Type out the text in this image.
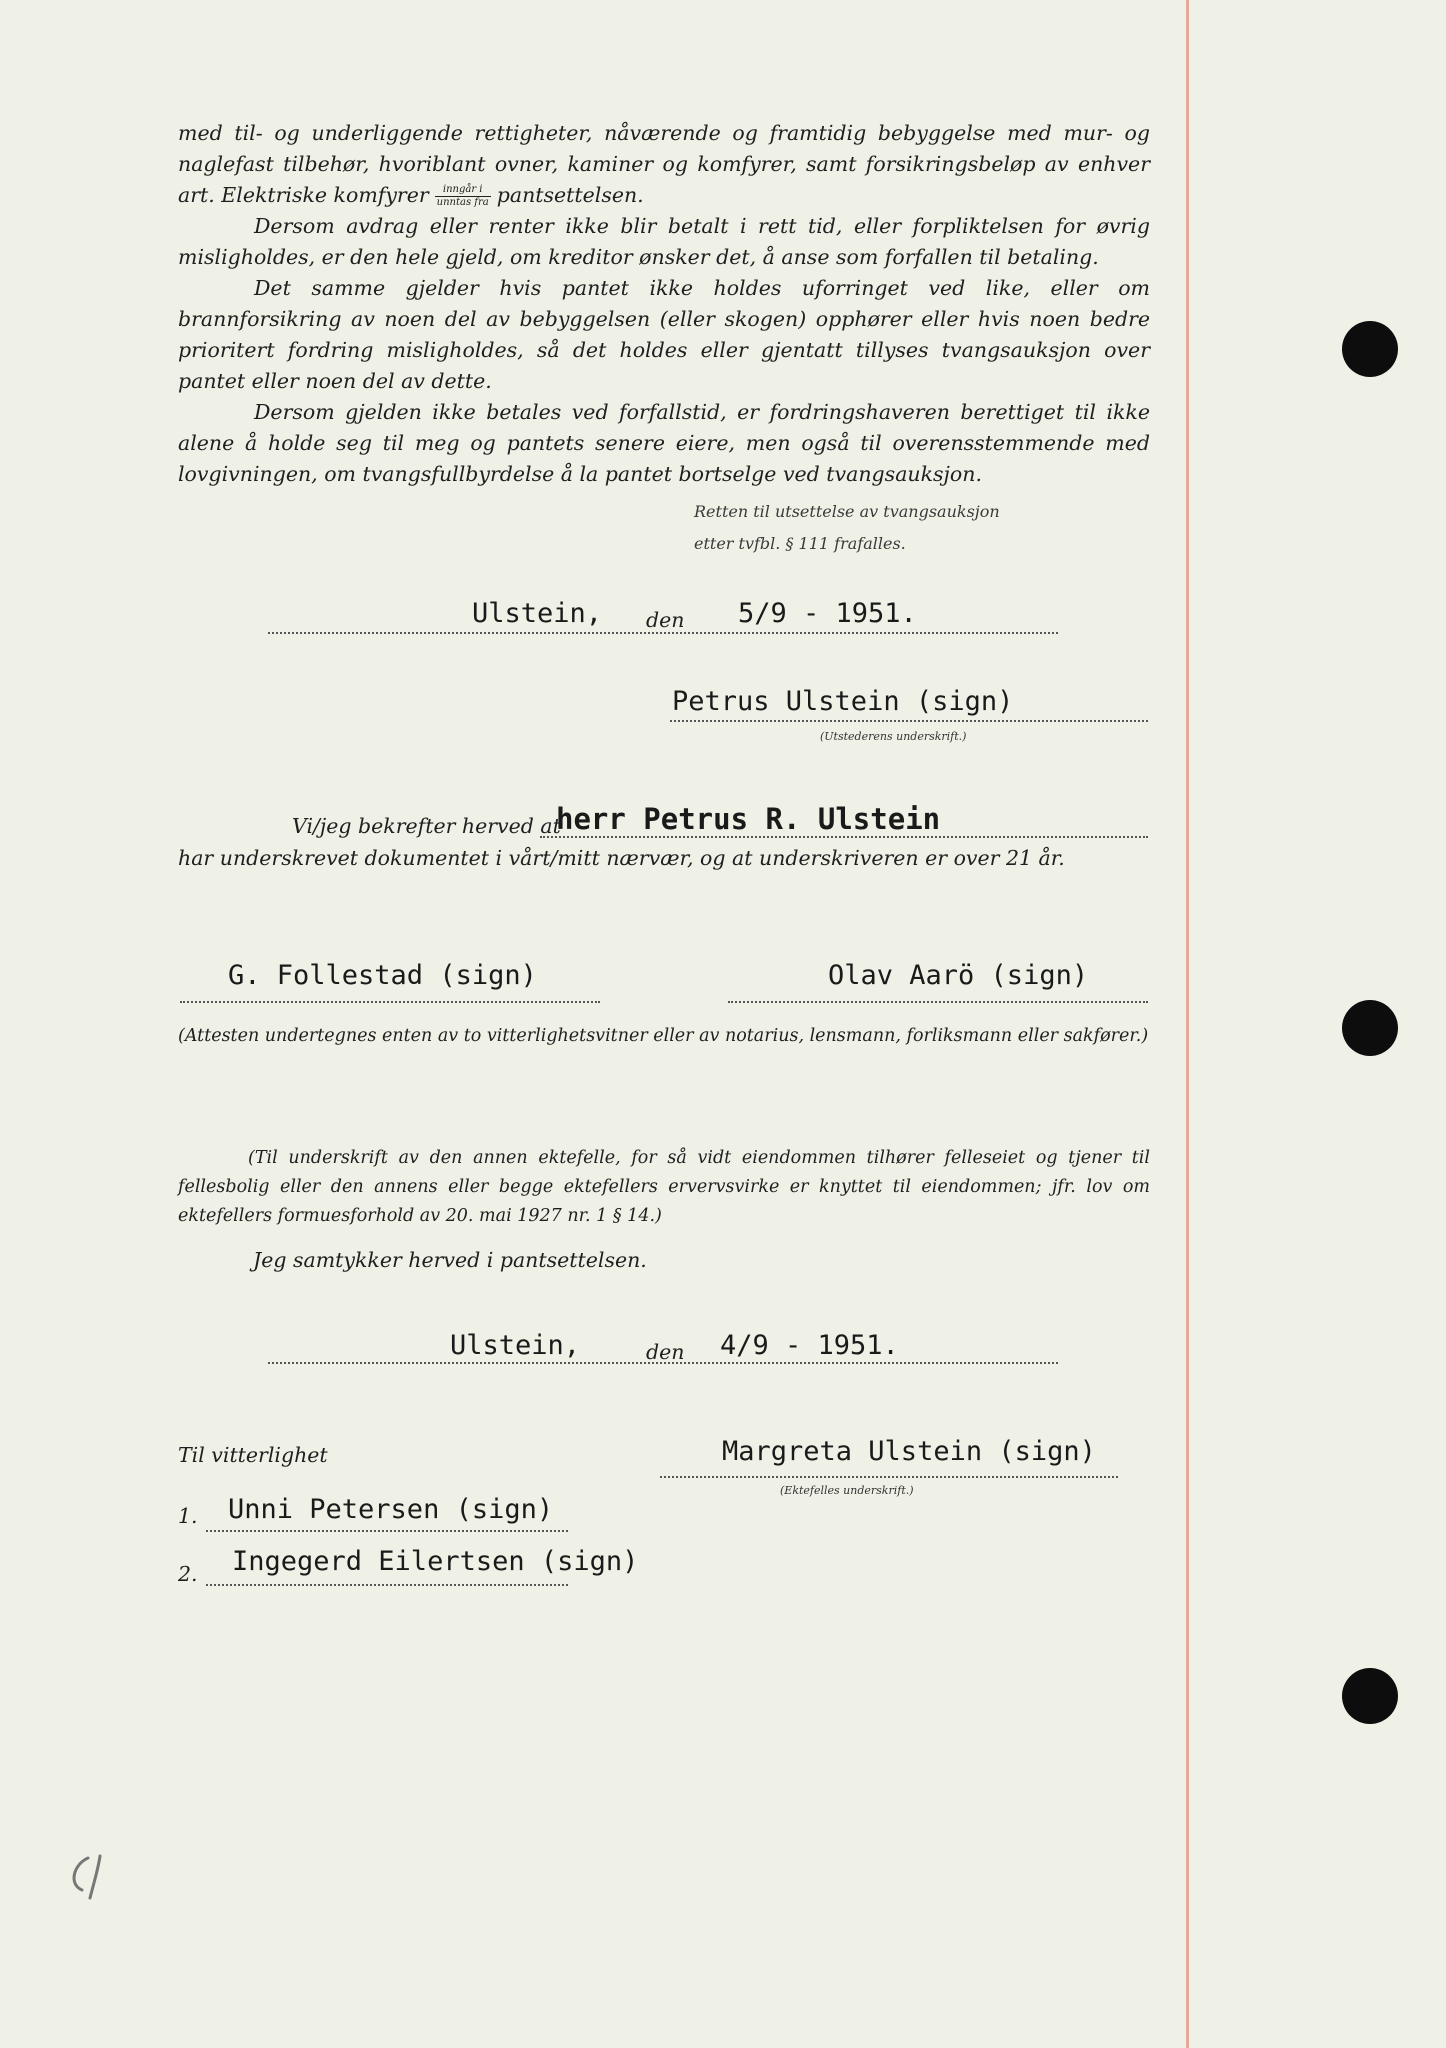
med til- og underliggende rettigheter, nåværende og framtidig bebyggelse med mur- og naglefast tilbehør, hvoriblant ovner, kaminer og komfyrer, samt forsikringsbeløp av enhver art. Elektriske komfyrer $\frac{\text{inngår i}}{\text{unntas fra}}$ pantsettelsen.

Dersom avdrag eller renter ikke blir betalt i rett tid, eller forpliktelsen for øvrig misligholdes, er den hele gjeld, om kreditor ønsker det, å anse som forfallen til betaling.

Det samme gjelder hvis pantet ikke holdes uforringet ved like, eller om brannforsikring av noen del av bebyggelsen (eller skogen) opphører eller hvis noen bedre prioritert fordring misligholdes, så det holdes eller gjentatt tillyses tvangsauksjon over pantet eller noen del av dette.

Dersom gjelden ikke betales ved forfallstid, er fordringshaveren berettiget til ikke alene å holde seg til meg og pantets senere eiere, men også til overensstemmende med lovgivningen, om tvangsfullbyrdelse å la pantet bortselge ved tvangsauksjon.

Retten til utsettelse av tvangsauksjon
etter tvfbl. § 111 frafalles.
Ulstein, den 5/9 - 1951.
Petrus Ulstein (sign)
(Utstederens underskrift.)
Vi/jeg bekrefter herved at
herr Petrus R. Ulstein
har underskrevet dokumentet i vårt/mitt nærvær, og at underskriveren er over 21 år.
G. Follestad (sign)	Olav Aarö (sign)

(Attesten undertegnes enten av to vitterlighetsvitner eller av notarius, lensmann, forliksmann eller sakfører.)

(Til underskrift av den annen ektefelle, for så vidt eiendommen tilhører felleseiet og tjener til fellesbolig eller den annens eller begge ektefellers ervervsvirke er knyttet til eiendommen; jfr. lov om ektefellers formuesforhold av 20. mai 1927 nr. 1 § 14.)

Jeg samtykker herved i pantsettelsen.
Ulstein,	den 4/9 - 1951.
Til vitterlighet	Margreta Ulstein (sign)
(Ektefelles underskrift.)
1. Unni Petersen (sign)
2. Ingegerd Eilertsen (sign)
